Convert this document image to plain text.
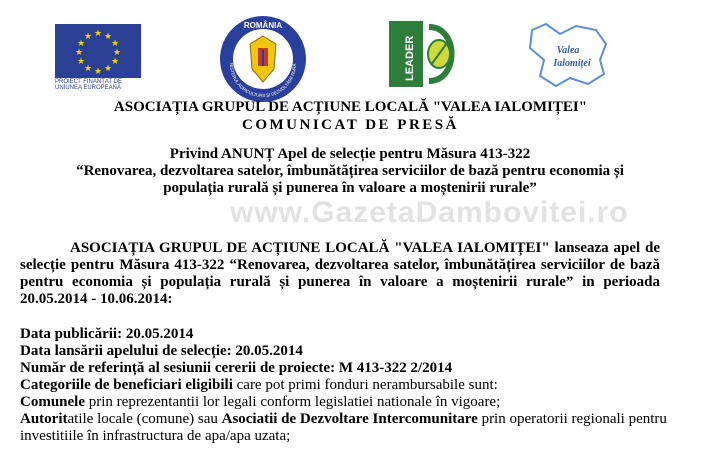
★ ★
★
★
★
★
★
★
★
★
★
★
PROIECT FINANȚAT DE
UNIUNEA EUROPEANĂ
ROMÂNIA
NISTERUL AGRICULTURII ȘI DEZVOLTĂRII RURA	LEADER	Valea
Ialomiței
ASOCIAȚIA GRUPUL DE ACȚIUNE LOCALĂ "VALEA IALOMIȚEI"
COMUNICAT DE PRESĂ

Privind ANUNȚ Apel de selecție pentru Măsura 413-322

“Renovarea, dezvoltarea satelor, îmbunătățirea serviciilor de bază pentru economia și

populația rurală și punerea în valoare a moștenirii rurale”

www.GazetaDambovitei.ro
ASOCIAȚIA GRUPUL DE ACȚIUNE LOCALĂ "VALEA IALOMIȚEI" lanseaza apel de selecție pentru Măsura 413-322 “Renovarea, dezvoltarea satelor, îmbunătățirea serviciilor de bază pentru economia și populația rurală și punerea în valoare a moștenirii rurale” in perioada 20.05.2014 - 10.06.2014:
Data publicării: 20.05.2014
Data lansării apelului de selecție: 20.05.2014
Număr de referință al sesiunii cererii de proiecte: M 413-322 2/2014
Categoriile de beneficiari eligibili care pot primi fonduri nerambursabile sunt:
Comunele prin reprezentantii lor legali conform legislatiei nationale în vigoare;
Autoritatile locale (comune) sau Asociatii de Dezvoltare Intercomunitare prin operatorii regionali pentru investitiile în infrastructura de apa/apa uzata;
